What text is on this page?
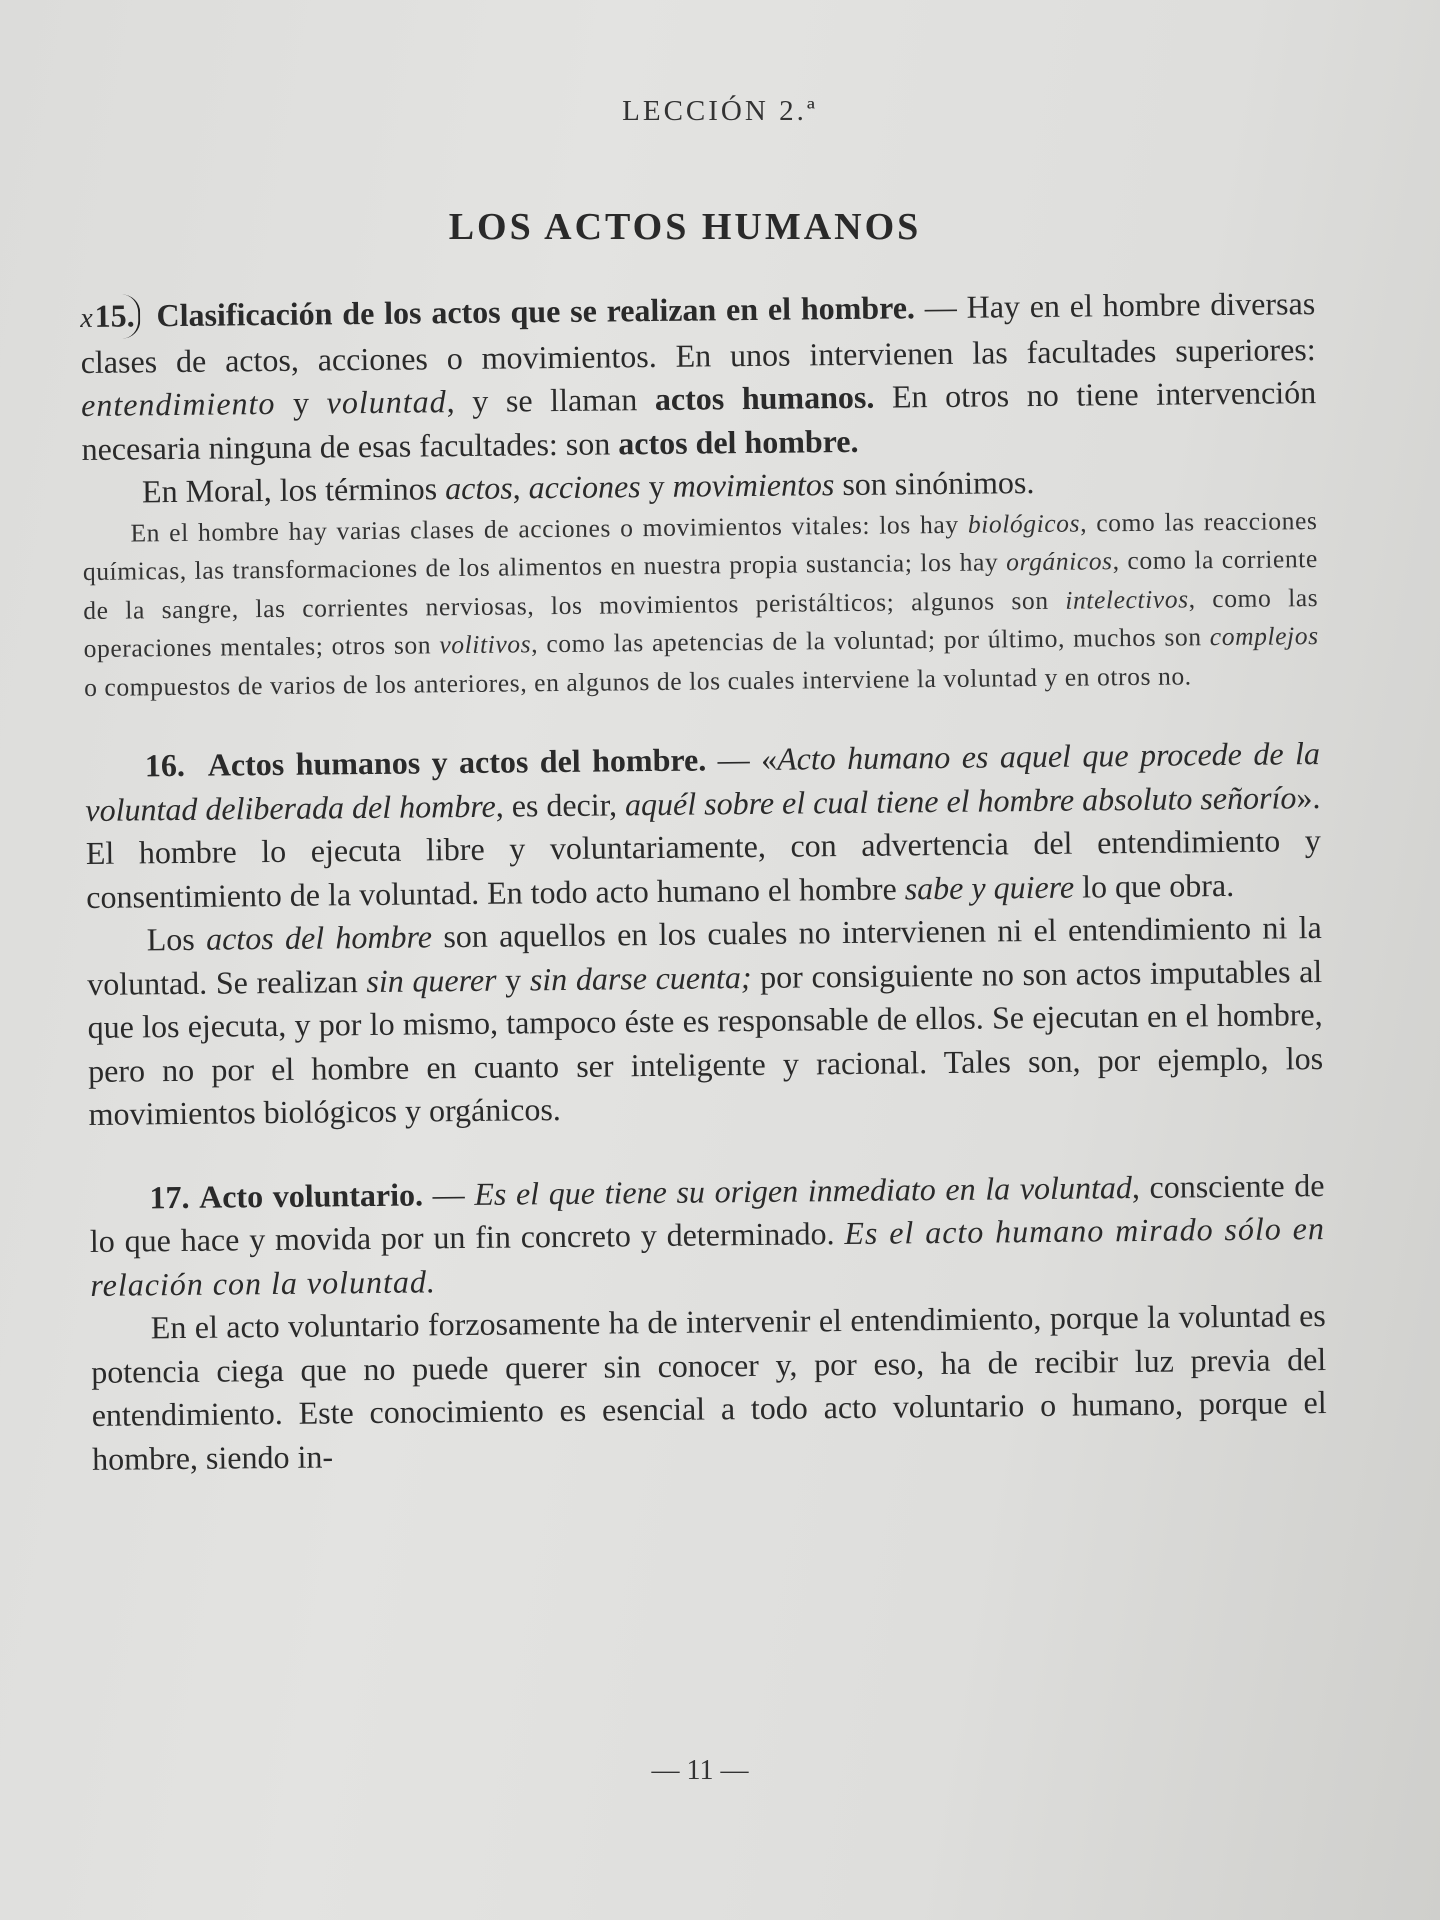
LECCIÓN 2.ª
LOS ACTOS HUMANOS

x15. Clasificación de los actos que se realizan en el hombre. — Hay en el hombre diversas clases de actos, acciones o movimientos. En unos intervienen las facultades superiores: entendimiento y voluntad, y se llaman actos humanos. En otros no tiene intervención necesaria ninguna de esas facultades: son actos del hombre.

En Moral, los términos actos, acciones y movimientos son sinónimos.

En el hombre hay varias clases de acciones o movimientos vitales: los hay biológicos, como las reacciones químicas, las transformaciones de los alimentos en nuestra propia sustancia; los hay orgánicos, como la corriente de la sangre, las corrientes nerviosas, los movimientos peristálticos; algunos son intelectivos, como las operaciones mentales; otros son volitivos, como las apetencias de la voluntad; por último, muchos son complejos o compuestos de varios de los anteriores, en algunos de los cuales interviene la voluntad y en otros no.

16. Actos humanos y actos del hombre. — «Acto humano es aquel que procede de la voluntad deliberada del hombre, es decir, aquél sobre el cual tiene el hombre absoluto señorío». El hombre lo ejecuta libre y voluntariamente, con advertencia del entendimiento y consentimiento de la voluntad. En todo acto humano el hombre sabe y quiere lo que obra.

Los actos del hombre son aquellos en los cuales no intervienen ni el entendimiento ni la voluntad. Se realizan sin querer y sin darse cuenta; por consiguiente no son actos imputables al que los ejecuta, y por lo mismo, tampoco éste es responsable de ellos. Se ejecutan en el hombre, pero no por el hombre en cuanto ser inteligente y racional. Tales son, por ejemplo, los movimientos biológicos y orgánicos.

17. Acto voluntario. — Es el que tiene su origen inmediato en la voluntad, consciente de lo que hace y movida por un fin concreto y determinado. Es el acto humano mirado sólo en relación con la voluntad.

En el acto voluntario forzosamente ha de intervenir el entendimiento, porque la voluntad es potencia ciega que no puede querer sin conocer y, por eso, ha de recibir luz previa del entendimiento. Este conocimiento es esencial a todo acto voluntario o humano, porque el hombre, siendo in-

— 11 —
